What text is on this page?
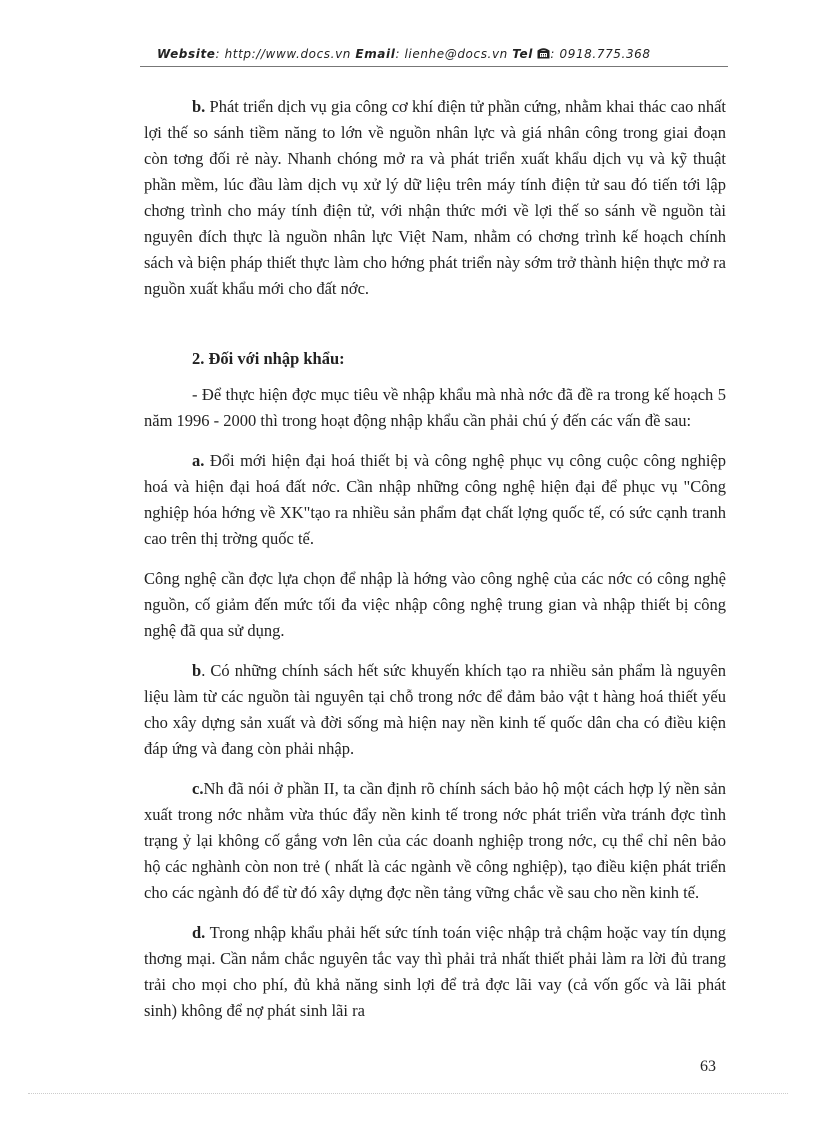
Website: http://www.docs.vn Email: lienhe@docs.vn Tel : 0918.775.368

b. Phát triển dịch vụ gia công cơ khí điện tử phần cứng, nhằm khai thác cao nhất lợi thế so sánh tiềm năng to lớn về nguồn nhân lực và giá nhân công trong giai đoạn còn tơng đối rẻ này. Nhanh chóng mở ra và phát triển xuất khẩu dịch vụ và kỹ thuật phần mềm, lúc đầu làm dịch vụ xử lý dữ liệu trên máy tính điện tử sau đó tiến tới lập chơng trình cho máy tính điện tử, với nhận thức mới về lợi thế so sánh về nguồn tài nguyên đích thực là nguồn nhân lực Việt Nam, nhằm có chơng trình kế hoạch chính sách và biện pháp thiết thực làm cho hớng phát triển này sớm trở thành hiện thực mở ra nguồn xuất khẩu mới cho đất nớc.

2. Đối với nhập khẩu:

- Để thực hiện đợc mục tiêu về nhập khẩu mà nhà nớc đã đề ra trong kế hoạch 5 năm 1996 - 2000 thì trong hoạt động nhập khẩu cần phải chú ý đến các vấn đề sau:

a. Đổi mới hiện đại hoá thiết bị và công nghệ phục vụ công cuộc công nghiệp hoá và hiện đại hoá đất nớc. Cần nhập những công nghệ hiện đại để phục vụ "Công nghiệp hóa hớng về XK"tạo ra nhiều sản phẩm đạt chất lợng quốc tế, có sức cạnh tranh cao trên thị trờng quốc tế.

Công nghệ cần đợc lựa chọn để nhập là hớng vào công nghệ của các nớc có công nghệ nguồn, cố giảm đến mức tối đa việc nhập công nghệ trung gian và nhập thiết bị công nghệ đã qua sử dụng.

b. Có những chính sách hết sức khuyến khích tạo ra nhiều sản phẩm là nguyên liệu làm từ các nguồn tài nguyên tại chỗ trong nớc để đảm bảo vật t hàng hoá thiết yếu cho xây dựng sản xuất và đời sống mà hiện nay nền kinh tế quốc dân cha có điều kiện đáp ứng và đang còn phải nhập.

c.Nh đã nói ở phần II, ta cần định rõ chính sách bảo hộ một cách hợp lý nền sản xuất trong nớc nhằm vừa thúc đẩy nền kinh tế trong nớc phát triển vừa tránh đợc tình trạng ỷ lại không cố gắng vơn lên của các doanh nghiệp trong nớc, cụ thể chỉ nên bảo hộ các nghành còn non trẻ ( nhất là các ngành về công nghiệp), tạo điều kiện phát triển cho các ngành đó để từ đó xây dựng đợc nền tảng vững chắc về sau cho nền kinh tế.

d. Trong nhập khẩu phải hết sức tính toán việc nhập trả chậm hoặc vay tín dụng thơng mại. Cần nắm chắc nguyên tắc vay thì phải trả nhất thiết phải làm ra lời đủ trang trải cho mọi cho phí, đủ khả năng sinh lợi để trả đợc lãi vay (cả vốn gốc và lãi phát sinh) không để nợ phát sinh lãi ra

63
